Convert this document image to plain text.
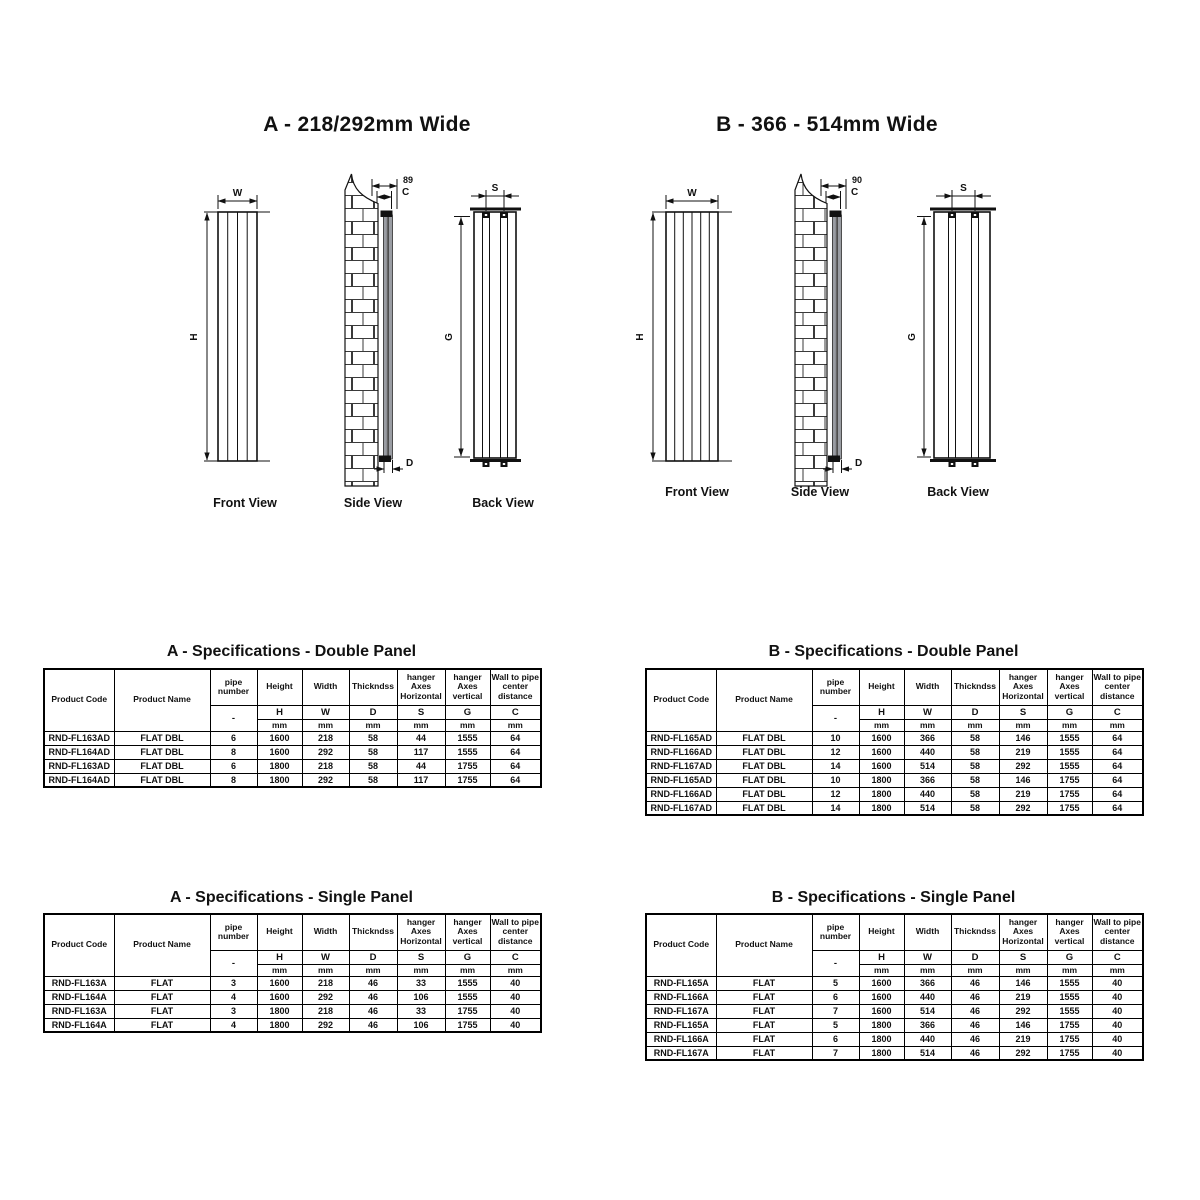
A - 218/292mm Wide	B - 366 - 514mm Wide
W
H
89
C
D
S
G
W
H
90
C
D
S
G
Front View	Side View	Back View
Front View	Side View	Back View
A - Specifications - Double Panel	B - Specifications - Double Panel
A - Specifications - Single Panel	B - Specifications - Single Panel
Product Code	Product Name	pipe number	Height	Width	Thickndss	hanger Axes Horizontal	hanger Axes vertical	Wall to pipe center distance
		-	H	W	D	S	G	C
			mm	mm	mm	mm	mm	mm
RND-FL163AD	FLAT DBL	6	1600	218	58	44	1555	64
RND-FL164AD	FLAT DBL	8	1600	292	58	117	1555	64
RND-FL163AD	FLAT DBL	6	1800	218	58	44	1755	64
RND-FL164AD	FLAT DBL	8	1800	292	58	117	1755	64
Product Code	Product Name	pipe number	Height	Width	Thickndss	hanger Axes Horizontal	hanger Axes vertical	Wall to pipe center distance
		-	H	W	D	S	G	C
			mm	mm	mm	mm	mm	mm
RND-FL165AD	FLAT DBL	10	1600	366	58	146	1555	64
RND-FL166AD	FLAT DBL	12	1600	440	58	219	1555	64
RND-FL167AD	FLAT DBL	14	1600	514	58	292	1555	64
RND-FL165AD	FLAT DBL	10	1800	366	58	146	1755	64
RND-FL166AD	FLAT DBL	12	1800	440	58	219	1755	64
RND-FL167AD	FLAT DBL	14	1800	514	58	292	1755	64
Product Code	Product Name	pipe number	Height	Width	Thickndss	hanger Axes Horizontal	hanger Axes vertical	Wall to pipe center distance
		-	H	W	D	S	G	C
			mm	mm	mm	mm	mm	mm
RND-FL163A	FLAT	3	1600	218	46	33	1555	40
RND-FL164A	FLAT	4	1600	292	46	106	1555	40
RND-FL163A	FLAT	3	1800	218	46	33	1755	40
RND-FL164A	FLAT	4	1800	292	46	106	1755	40
Product Code	Product Name	pipe number	Height	Width	Thickndss	hanger Axes Horizontal	hanger Axes vertical	Wall to pipe center distance
		-	H	W	D	S	G	C
			mm	mm	mm	mm	mm	mm
RND-FL165A	FLAT	5	1600	366	46	146	1555	40
RND-FL166A	FLAT	6	1600	440	46	219	1555	40
RND-FL167A	FLAT	7	1600	514	46	292	1555	40
RND-FL165A	FLAT	5	1800	366	46	146	1755	40
RND-FL166A	FLAT	6	1800	440	46	219	1755	40
RND-FL167A	FLAT	7	1800	514	46	292	1755	40
